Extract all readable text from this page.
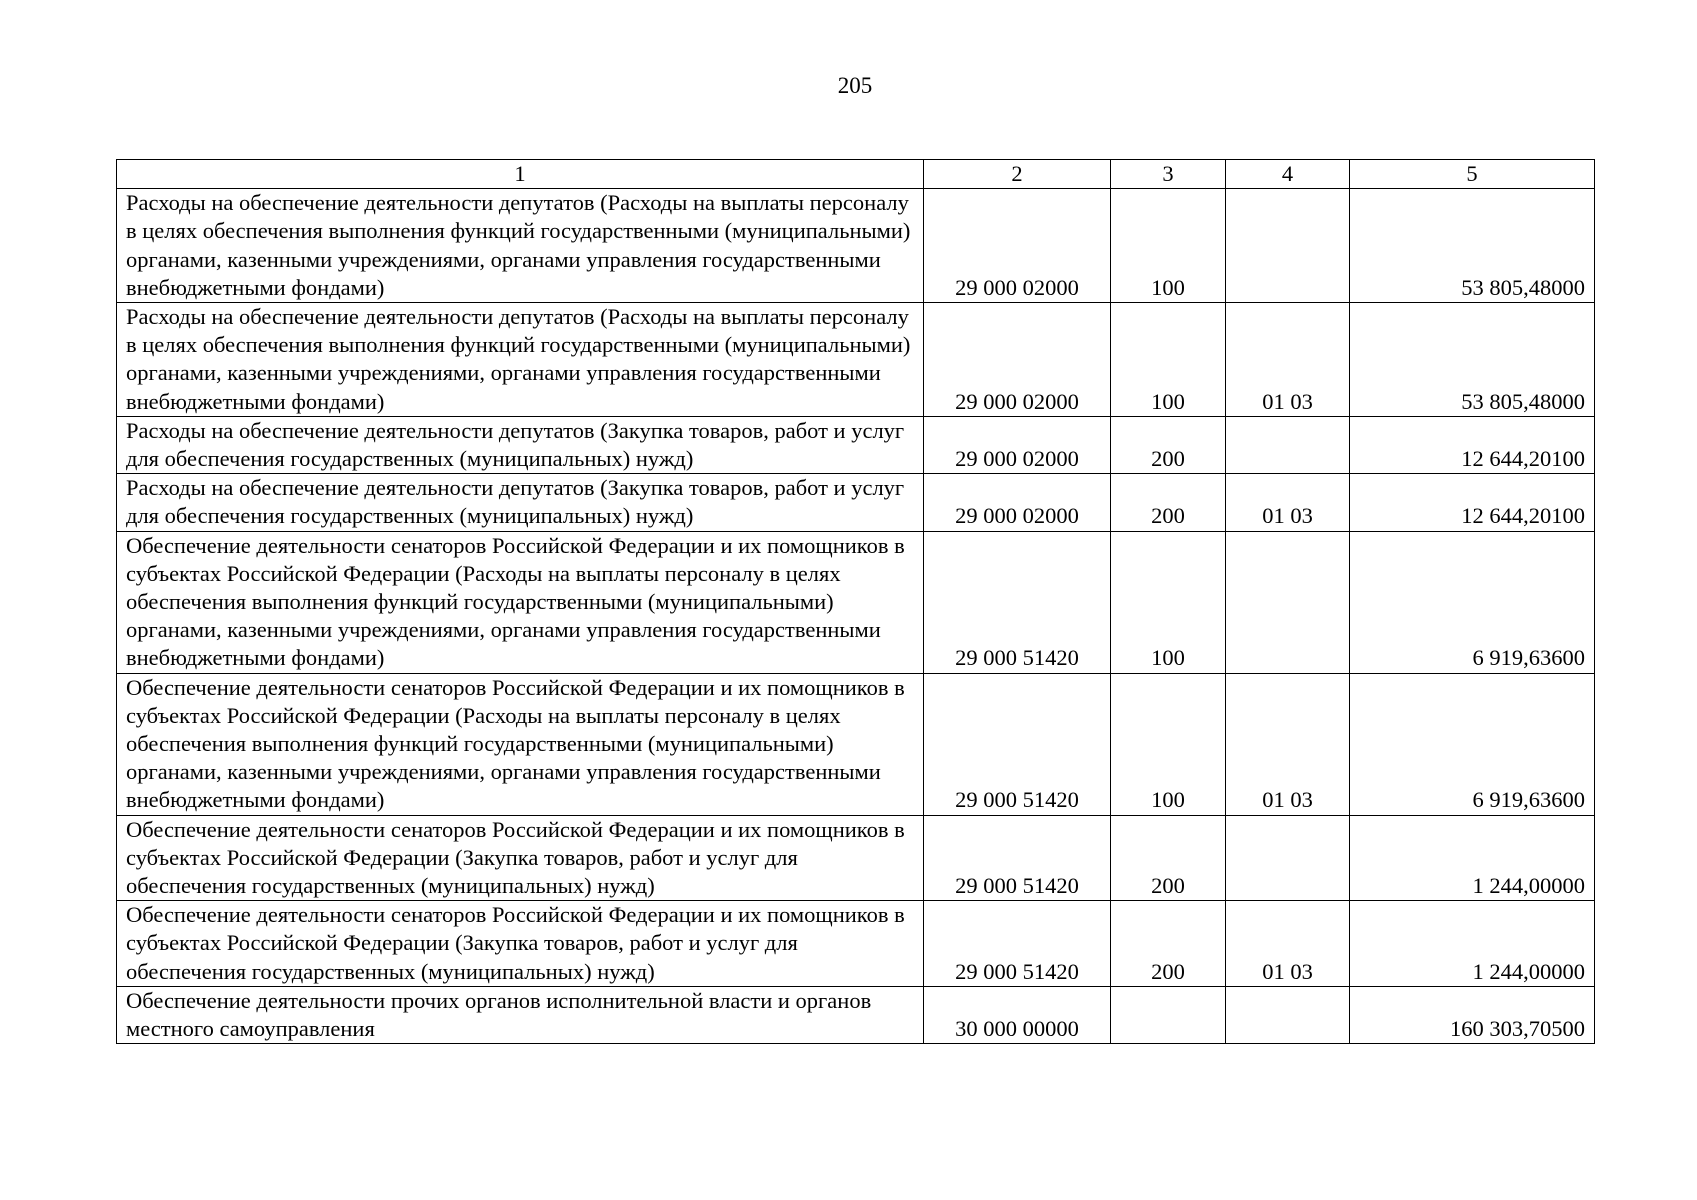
205
1	2	3	4	5
Расходы на обеспечение деятельности депутатов (Расходы на выплаты персоналу в целях обеспечения выполнения функций государственными (муниципальными) органами, казенными учреждениями, органами управления государственными внебюджетными фондами)	29 000 02000	100		53 805,48000
Расходы на обеспечение деятельности депутатов (Расходы на выплаты персоналу в целях обеспечения выполнения функций государственными (муниципальными) органами, казенными учреждениями, органами управления государственными внебюджетными фондами)	29 000 02000	100	01 03	53 805,48000
Расходы на обеспечение деятельности депутатов (Закупка товаров, работ и услуг для обеспечения государственных (муниципальных) нужд)	29 000 02000	200		12 644,20100
Расходы на обеспечение деятельности депутатов (Закупка товаров, работ и услуг для обеспечения государственных (муниципальных) нужд)	29 000 02000	200	01 03	12 644,20100
Обеспечение деятельности сенаторов Российской Федерации и их помощников в субъектах Российской Федерации (Расходы на выплаты персоналу в целях обеспечения выполнения функций государственными (муниципальными) органами, казенными учреждениями, органами управления государственными внебюджетными фондами)	29 000 51420	100		6 919,63600
Обеспечение деятельности сенаторов Российской Федерации и их помощников в субъектах Российской Федерации (Расходы на выплаты персоналу в целях обеспечения выполнения функций государственными (муниципальными) органами, казенными учреждениями, органами управления государственными внебюджетными фондами)	29 000 51420	100	01 03	6 919,63600
Обеспечение деятельности сенаторов Российской Федерации и их помощников в субъектах Российской Федерации (Закупка товаров, работ и услуг для обеспечения государственных (муниципальных) нужд)	29 000 51420	200		1 244,00000
Обеспечение деятельности сенаторов Российской Федерации и их помощников в субъектах Российской Федерации (Закупка товаров, работ и услуг для обеспечения государственных (муниципальных) нужд)	29 000 51420	200	01 03	1 244,00000
Обеспечение деятельности прочих органов исполнительной власти и органов местного самоуправления	30 000 00000			160 303,70500
